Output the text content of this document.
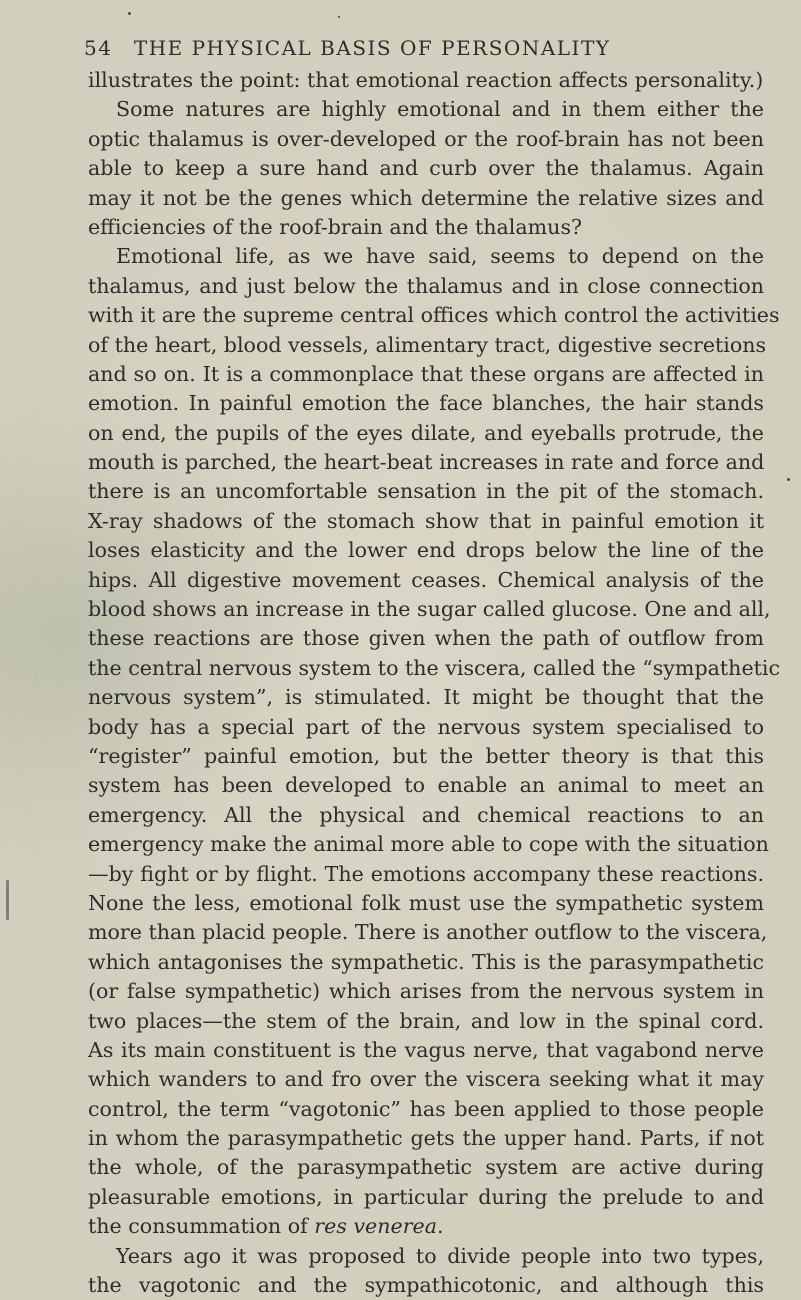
54 THE PHYSICAL BASIS OF PERSONALITY
illustrates the point: that emotional reaction affects personality.)
Some natures are highly emotional and in them either the
optic thalamus is over-developed or the roof-brain has not been
able to keep a sure hand and curb over the thalamus. Again
may it not be the genes which determine the relative sizes and
efficiencies of the roof-brain and the thalamus?
Emotional life, as we have said, seems to depend on the
thalamus, and just below the thalamus and in close connection
with it are the supreme central offices which control the activities
of the heart, blood vessels, alimentary tract, digestive secretions
and so on. It is a commonplace that these organs are affected in
emotion. In painful emotion the face blanches, the hair stands
on end, the pupils of the eyes dilate, and eyeballs protrude, the
mouth is parched, the heart-beat increases in rate and force and
there is an uncomfortable sensation in the pit of the stomach.
X-ray shadows of the stomach show that in painful emotion it
loses elasticity and the lower end drops below the line of the
hips. All digestive movement ceases. Chemical analysis of the
blood shows an increase in the sugar called glucose. One and all,
these reactions are those given when the path of outflow from
the central nervous system to the viscera, called the “sympathetic
nervous system”, is stimulated. It might be thought that the
body has a special part of the nervous system specialised to
“register” painful emotion, but the better theory is that this
system has been developed to enable an animal to meet an
emergency. All the physical and chemical reactions to an
emergency make the animal more able to cope with the situation
—by fight or by flight. The emotions accompany these reactions.
None the less, emotional folk must use the sympathetic system
more than placid people. There is another outflow to the viscera,
which antagonises the sympathetic. This is the parasympathetic
(or false sympathetic) which arises from the nervous system in
two places—the stem of the brain, and low in the spinal cord.
As its main constituent is the vagus nerve, that vagabond nerve
which wanders to and fro over the viscera seeking what it may
control, the term “vagotonic” has been applied to those people
in whom the parasympathetic gets the upper hand. Parts, if not
the whole, of the parasympathetic system are active during
pleasurable emotions, in particular during the prelude to and
the consummation of res venerea.
Years ago it was proposed to divide people into two types,
the vagotonic and the sympathicotonic, and although this
